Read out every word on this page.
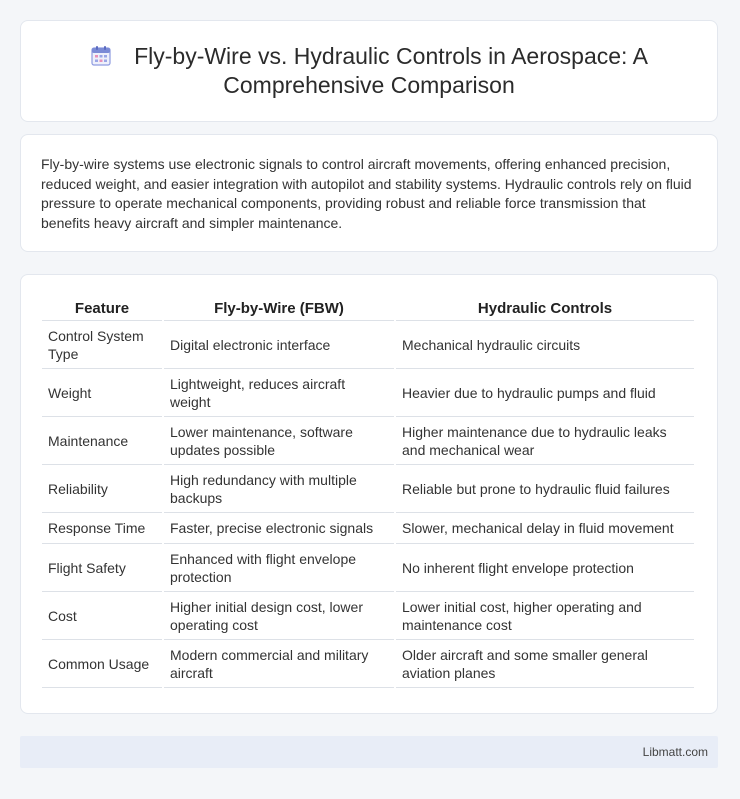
Fly-by-Wire vs. Hydraulic Controls in Aerospace: A Comprehensive Comparison

Fly-by-wire systems use electronic signals to control aircraft movements, offering enhanced precision, reduced weight, and easier integration with autopilot and stability systems. Hydraulic controls rely on fluid pressure to operate mechanical components, providing robust and reliable force transmission that benefits heavy aircraft and simpler maintenance.

Feature	Fly-by-Wire (FBW)	Hydraulic Controls
Control System Type	Digital electronic interface	Mechanical hydraulic circuits
Weight	Lightweight, reduces aircraft weight	Heavier due to hydraulic pumps and fluid
Maintenance	Lower maintenance, software updates possible	Higher maintenance due to hydraulic leaks and mechanical wear
Reliability	High redundancy with multiple backups	Reliable but prone to hydraulic fluid failures
Response Time	Faster, precise electronic signals	Slower, mechanical delay in fluid movement
Flight Safety	Enhanced with flight envelope protection	No inherent flight envelope protection
Cost	Higher initial design cost, lower operating cost	Lower initial cost, higher operating and maintenance cost
Common Usage	Modern commercial and military aircraft	Older aircraft and some smaller general aviation planes
Libmatt.com
